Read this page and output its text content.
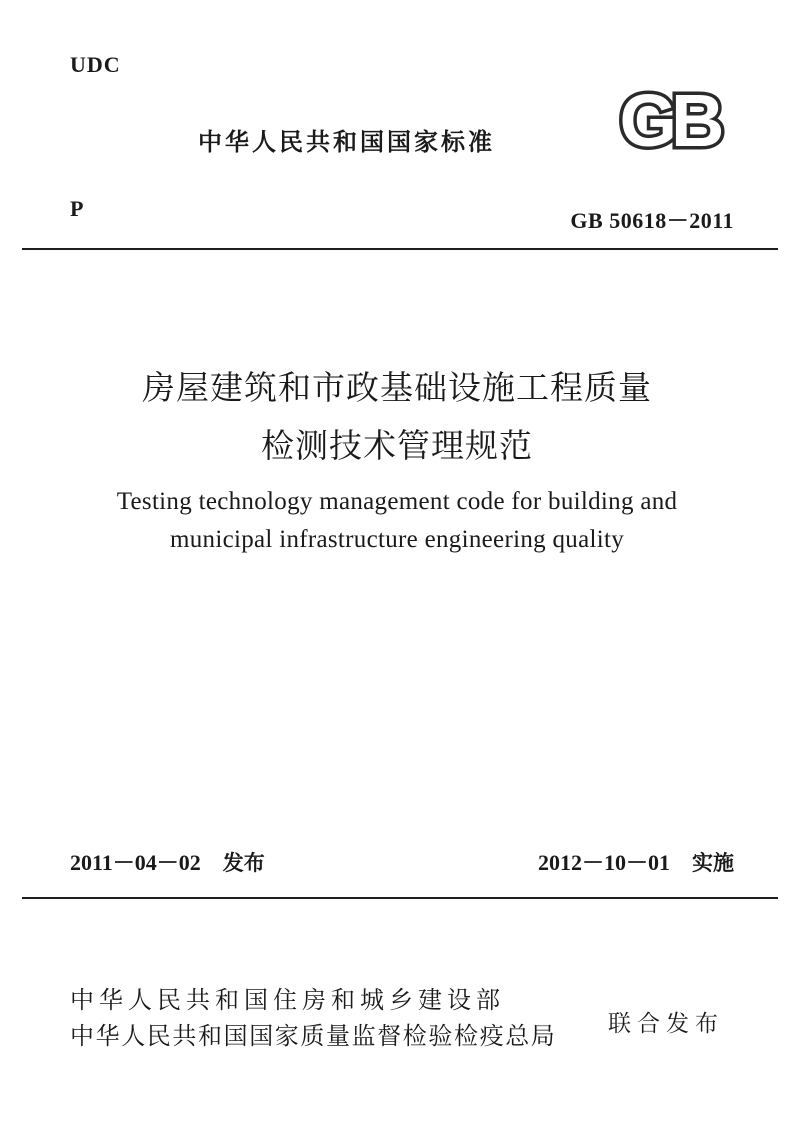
UDC
中华人民共和国国家标准 GB
P	GB 50618－2011
房屋建筑和市政基础设施工程质量
检测技术管理规范
Testing technology management code for building and
municipal infrastructure engineering quality
2011－04－02 发布	2012－10－01 实施
中华人民共和国住房和城乡建设部
中华人民共和国国家质量监督检验检疫总局 联合发布
